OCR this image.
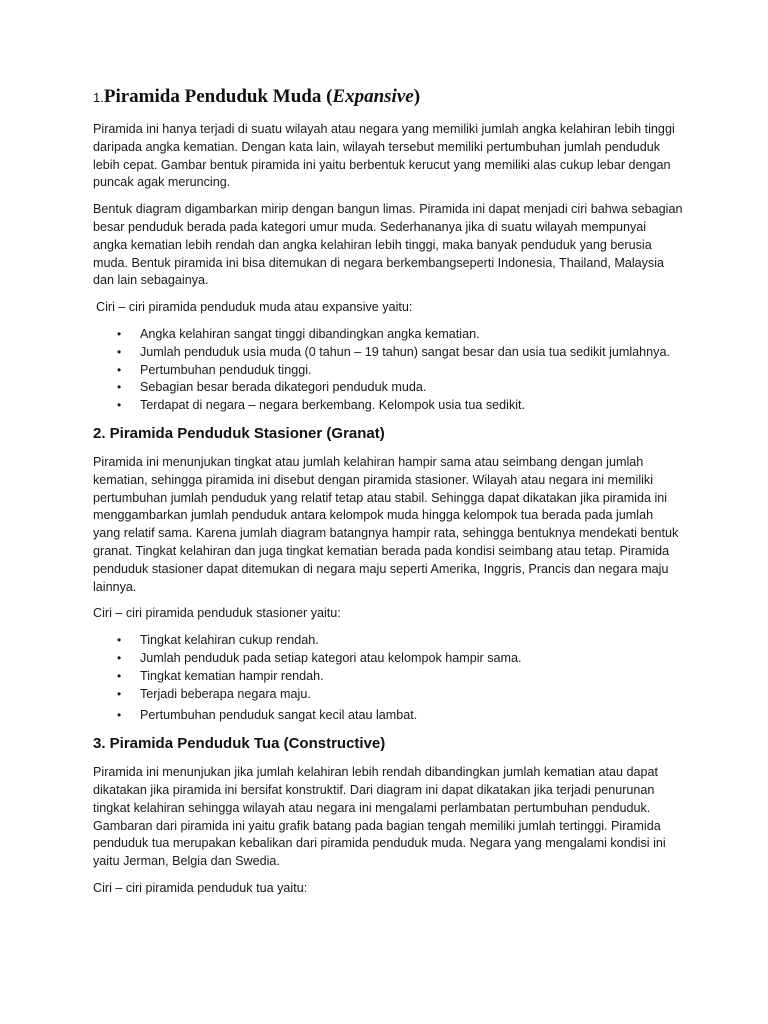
1.Piramida Penduduk Muda (Expansive)

Piramida ini hanya terjadi di suatu wilayah atau negara yang memiliki jumlah angka kelahiran lebih tinggi daripada angka kematian. Dengan kata lain, wilayah tersebut memiliki pertumbuhan jumlah penduduk lebih cepat. Gambar bentuk piramida ini yaitu berbentuk kerucut yang memiliki alas cukup lebar dengan puncak agak meruncing.

Bentuk diagram digambarkan mirip dengan bangun limas. Piramida ini dapat menjadi ciri bahwa sebagian besar penduduk berada pada kategori umur muda. Sederhananya jika di suatu wilayah mempunyai angka kematian lebih rendah dan angka kelahiran lebih tinggi, maka banyak penduduk yang berusia muda. Bentuk piramida ini bisa ditemukan di negara berkembangseperti Indonesia, Thailand, Malaysia dan lain sebagainya.

Ciri – ciri piramida penduduk muda atau expansive yaitu:

•	Angka kelahiran sangat tinggi dibandingkan angka kematian.
•	Jumlah penduduk usia muda (0 tahun – 19 tahun) sangat besar dan usia tua sedikit jumlahnya.
•	Pertumbuhan penduduk tinggi.
•	Sebagian besar berada dikategori penduduk muda.
•	Terdapat di negara – negara berkembang. Kelompok usia tua sedikit.
2. Piramida Penduduk Stasioner (Granat)

Piramida ini menunjukan tingkat atau jumlah kelahiran hampir sama atau seimbang dengan jumlah kematian, sehingga piramida ini disebut dengan piramida stasioner. Wilayah atau negara ini memiliki pertumbuhan jumlah penduduk yang relatif tetap atau stabil. Sehingga dapat dikatakan jika piramida ini menggambarkan jumlah penduduk antara kelompok muda hingga kelompok tua berada pada jumlah yang relatif sama. Karena jumlah diagram batangnya hampir rata, sehingga bentuknya mendekati bentuk granat. Tingkat kelahiran dan juga tingkat kematian berada pada kondisi seimbang atau tetap. Piramida penduduk stasioner dapat ditemukan di negara maju seperti Amerika, Inggris, Prancis dan negara maju lainnya.

Ciri – ciri piramida penduduk stasioner yaitu:

•	Tingkat kelahiran cukup rendah.
•	Jumlah penduduk pada setiap kategori atau kelompok hampir sama.
•	Tingkat kematian hampir rendah.
•	Terjadi beberapa negara maju.
•	Pertumbuhan penduduk sangat kecil atau lambat.
3. Piramida Penduduk Tua (Constructive)

Piramida ini menunjukan jika jumlah kelahiran lebih rendah dibandingkan jumlah kematian atau dapat dikatakan jika piramida ini bersifat konstruktif. Dari diagram ini dapat dikatakan jika terjadi penurunan tingkat kelahiran sehingga wilayah atau negara ini mengalami perlambatan pertumbuhan penduduk. Gambaran dari piramida ini yaitu grafik batang pada bagian tengah memiliki jumlah tertinggi. Piramida penduduk tua merupakan kebalikan dari piramida penduduk muda. Negara yang mengalami kondisi ini yaitu Jerman, Belgia dan Swedia.

Ciri – ciri piramida penduduk tua yaitu:
